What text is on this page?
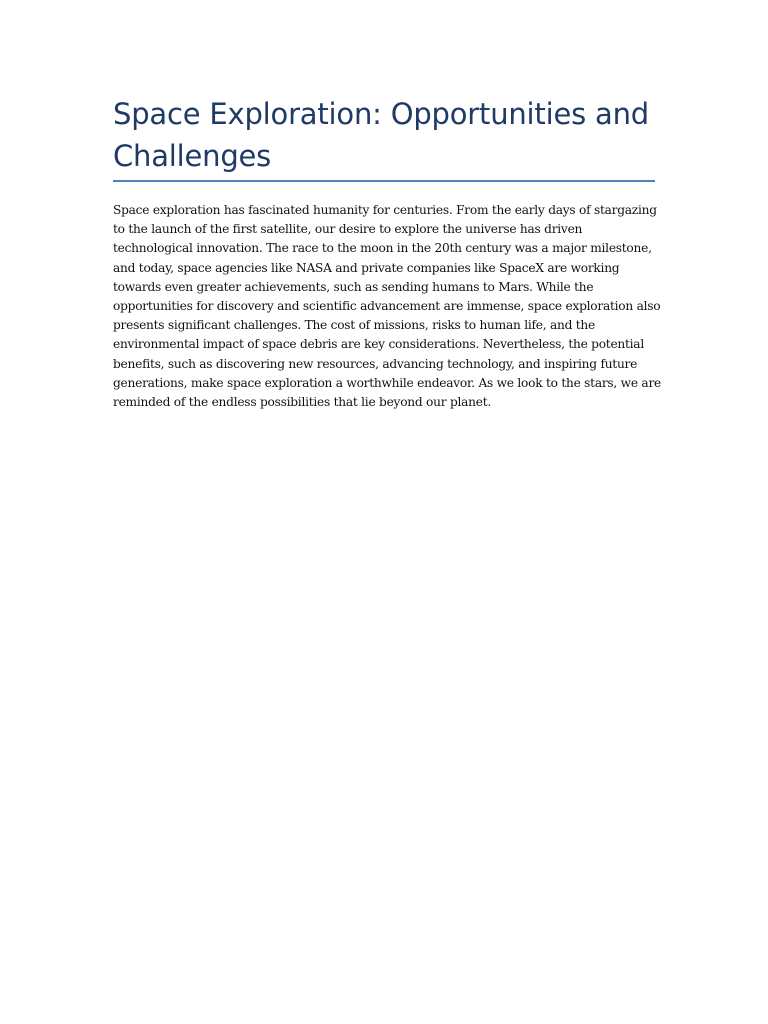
Space Exploration: Opportunities and Challenges

Space exploration has fascinated humanity for centuries. From the early days of stargazing to the launch of the first satellite, our desire to explore the universe has driven technological innovation. The race to the moon in the 20th century was a major milestone, and today, space agencies like NASA and private companies like SpaceX are working towards even greater achievements, such as sending humans to Mars. While the opportunities for discovery and scientific advancement are immense, space exploration also presents significant challenges. The cost of missions, risks to human life, and the environmental impact of space debris are key considerations. Nevertheless, the potential benefits, such as discovering new resources, advancing technology, and inspiring future generations, make space exploration a worthwhile endeavor. As we look to the stars, we are reminded of the endless possibilities that lie beyond our planet.
